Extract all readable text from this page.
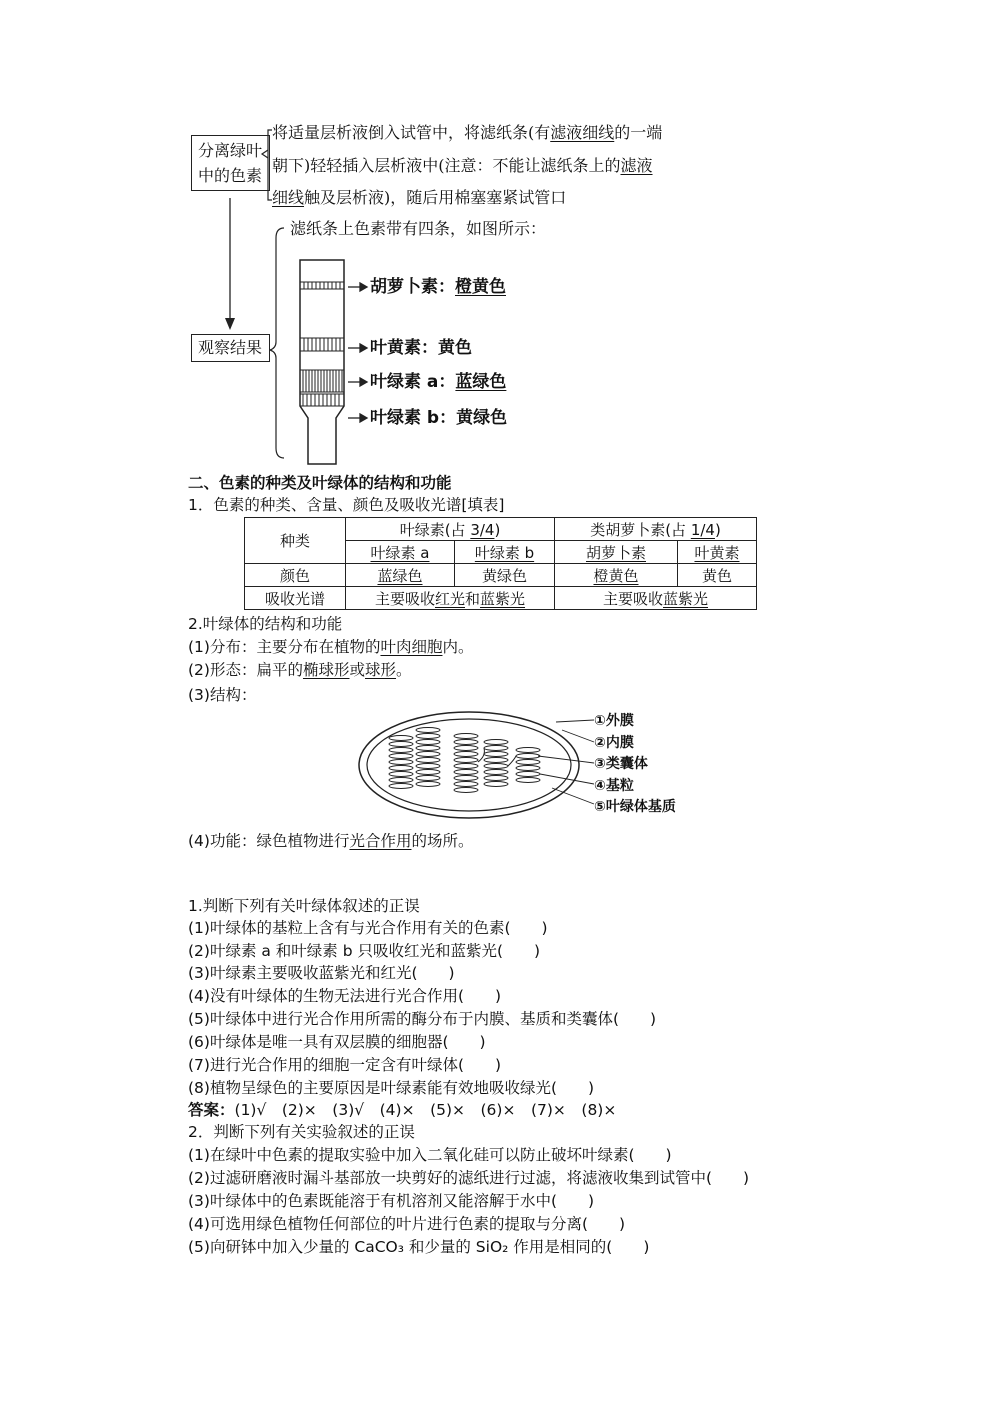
分离绿叶
中的色素
将适量层析液倒入试管中，将滤纸条(有滤液细线的一端
朝下)轻轻插入层析液中(注意：不能让滤纸条上的滤液
细线触及层析液)，随后用棉塞塞紧试管口
滤纸条上色素带有四条，如图所示：
观察结果
胡萝卜素：橙黄色
叶黄素：黄色
叶绿素 a：蓝绿色
叶绿素 b：黄绿色
二、色素的种类及叶绿体的结构和功能
1．色素的种类、含量、颜色及吸收光谱[填表]
种类	叶绿素(占 3/4)		类胡萝卜素(占 1/4)	
	叶绿素 a	叶绿素 b	胡萝卜素	叶黄素
颜色	蓝绿色	黄绿色	橙黄色	黄色
吸收光谱	主要吸收红光和蓝紫光		主要吸收蓝紫光	
2.叶绿体的结构和功能
(1)分布：主要分布在植物的叶肉细胞内。
(2)形态：扁平的椭球形或球形。
(3)结构：
①外膜
②内膜
③类囊体
④基粒
⑤叶绿体基质
(4)功能：绿色植物进行光合作用的场所。
1.判断下列有关叶绿体叙述的正误
(1)叶绿体的基粒上含有与光合作用有关的色素(　　)
(2)叶绿素 a 和叶绿素 b 只吸收红光和蓝紫光(　　)
(3)叶绿素主要吸收蓝紫光和红光(　　)
(4)没有叶绿体的生物无法进行光合作用(　　)
(5)叶绿体中进行光合作用所需的酶分布于内膜、基质和类囊体(　　)
(6)叶绿体是唯一具有双层膜的细胞器(　　)
(7)进行光合作用的细胞一定含有叶绿体(　　)
(8)植物呈绿色的主要原因是叶绿素能有效地吸收绿光(　　)
答案：(1)√　(2)×　(3)√　(4)×　(5)×　(6)×　(7)×　(8)×
2．判断下列有关实验叙述的正误
(1)在绿叶中色素的提取实验中加入二氧化硅可以防止破坏叶绿素(　　)
(2)过滤研磨液时漏斗基部放一块剪好的滤纸进行过滤，将滤液收集到试管中(　　)
(3)叶绿体中的色素既能溶于有机溶剂又能溶解于水中(　　)
(4)可选用绿色植物任何部位的叶片进行色素的提取与分离(　　)
(5)向研钵中加入少量的 CaCO₃ 和少量的 SiO₂ 作用是相同的(　　)
